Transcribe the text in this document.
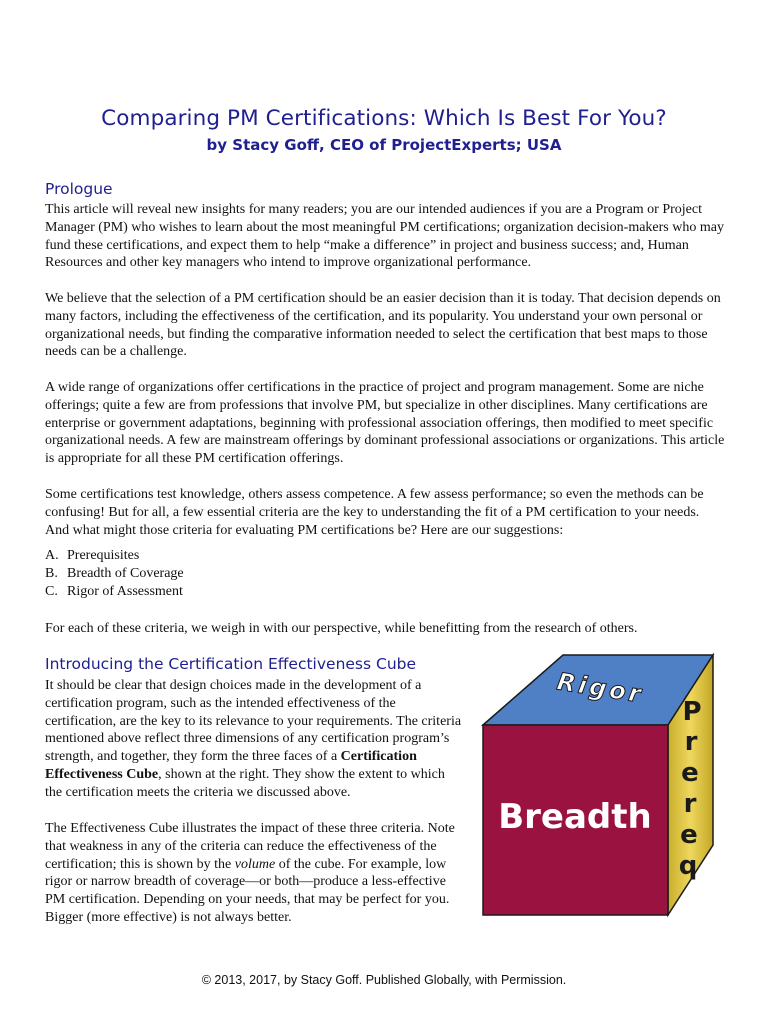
Comparing PM Certifications: Which Is Best For You?

by Stacy Goff, CEO of ProjectExperts; USA

Prologue

This article will reveal new insights for many readers; you are our intended audiences if you are a Program or Project Manager (PM) who wishes to learn about the most meaningful PM certifications; organization decision-makers who may fund these certifications, and expect them to help “make a difference” in project and business success; and, Human Resources and other key managers who intend to improve organizational performance.

We believe that the selection of a PM certification should be an easier decision than it is today. That decision depends on many factors, including the effectiveness of the certification, and its popularity. You understand your own personal or organizational needs, but finding the comparative information needed to select the certification that best maps to those needs can be a challenge.

A wide range of organizations offer certifications in the practice of project and program management. Some are niche offerings; quite a few are from professions that involve PM, but specialize in other disciplines. Many certifications are enterprise or government adaptations, beginning with professional association offerings, then modified to meet specific organizational needs. A few are mainstream offerings by dominant professional associations or organizations. This article is appropriate for all these PM certification offerings.

Some certifications test knowledge, others assess competence. A few assess performance; so even the methods can be confusing! But for all, a few essential criteria are the key to understanding the fit of a PM certification to your needs. And what might those criteria for evaluating PM certifications be? Here are our suggestions:

A. Prerequisites
B. Breadth of Coverage
C. Rigor of Assessment

For each of these criteria, we weigh in with our perspective, while benefitting from the research of others.

Introducing the Certification Effectiveness Cube

It should be clear that design choices made in the development of a certification program, such as the intended effectiveness of the certification, are the key to its relevance to your requirements. The criteria mentioned above reflect three dimensions of any certification program’s strength, and together, they form the three faces of a Certification Effectiveness Cube, shown at the right. They show the extent to which the certification meets the criteria we discussed above.

The Effectiveness Cube illustrates the impact of these three criteria. Note that weakness in any of the criteria can reduce the effectiveness of the certification; this is shown by the volume of the cube. For example, low rigor or narrow breadth of coverage—or both—produce a less-effective PM certification. Depending on your needs, that may be perfect for you. Bigger (more effective) is not always better.

Rigor
Breadth
P
r
e
r
e
q

© 2013, 2017, by Stacy Goff. Published Globally, with Permission.
